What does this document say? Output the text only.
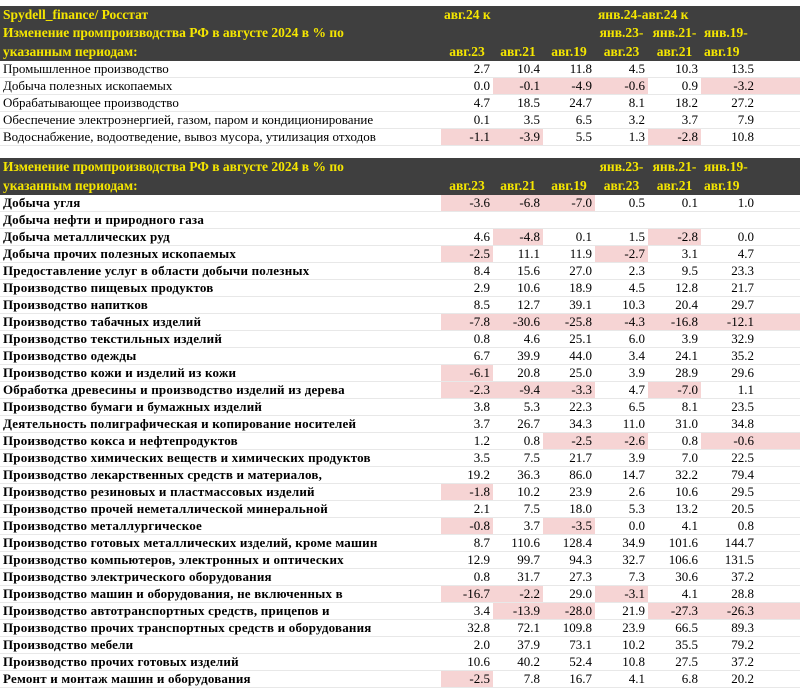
Spydell_finance/ Росстат	авг.24 к			янв.24-авг.24 к		
Изменение промпроизводства РФ в августе 2024 в % по				янв.23-	янв.21-	янв.19-
указанным периодам:	авг.23	авг.21	авг.19	авг.23	авг.21	авг.19
Промышленное производство	2.7	10.4	11.8	4.5	10.3	13.5
Добыча полезных ископаемых	0.0	-0.1	-4.9	-0.6	0.9	-3.2
Обрабатывающее производство	4.7	18.5	24.7	8.1	18.2	27.2
Обеспечение электроэнергией, газом, паром и кондиционирование	0.1	3.5	6.5	3.2	3.7	7.9
Водоснабжение, водоотведение, вывоз мусора, утилизация отходов	-1.1	-3.9	5.5	1.3	-2.8	10.8
Изменение промпроизводства РФ в августе 2024 в % по				янв.23-	янв.21-	янв.19-
указанным периодам:	авг.23	авг.21	авг.19	авг.23	авг.21	авг.19
Добыча угля	-3.6	-6.8	-7.0	0.5	0.1	1.0
Добыча нефти и природного газа						
Добыча металлических руд	4.6	-4.8	0.1	1.5	-2.8	0.0
Добыча прочих полезных ископаемых	-2.5	11.1	11.9	-2.7	3.1	4.7
Предоставление услуг в области добычи полезных	8.4	15.6	27.0	2.3	9.5	23.3
Производство пищевых продуктов	2.9	10.6	18.9	4.5	12.8	21.7
Производство напитков	8.5	12.7	39.1	10.3	20.4	29.7
Производство табачных изделий	-7.8	-30.6	-25.8	-4.3	-16.8	-12.1
Производство текстильных изделий	0.8	4.6	25.1	6.0	3.9	32.9
Производство одежды	6.7	39.9	44.0	3.4	24.1	35.2
Производство кожи и изделий из кожи	-6.1	20.8	25.0	3.9	28.9	29.6
Обработка древесины и производство изделий из дерева	-2.3	-9.4	-3.3	4.7	-7.0	1.1
Производство бумаги и бумажных изделий	3.8	5.3	22.3	6.5	8.1	23.5
Деятельность полиграфическая и копирование носителей	3.7	26.7	34.3	11.0	31.0	34.8
Производство кокса и нефтепродуктов	1.2	0.8	-2.5	-2.6	0.8	-0.6
Производство химических веществ и химических продуктов	3.5	7.5	21.7	3.9	7.0	22.5
Производство лекарственных средств и материалов,	19.2	36.3	86.0	14.7	32.2	79.4
Производство резиновых и пластмассовых изделий	-1.8	10.2	23.9	2.6	10.6	29.5
Производство прочей неметаллической минеральной	2.1	7.5	18.0	5.3	13.2	20.5
Производство металлургическое	-0.8	3.7	-3.5	0.0	4.1	0.8
Производство готовых металлических изделий, кроме машин	8.7	110.6	128.4	34.9	101.6	144.7
Производство компьютеров, электронных и оптических	12.9	99.7	94.3	32.7	106.6	131.5
Производство электрического оборудования	0.8	31.7	27.3	7.3	30.6	37.2
Производство машин и оборудования, не включенных в	-16.7	-2.2	29.0	-3.1	4.1	28.8
Производство автотранспортных средств, прицепов и	3.4	-13.9	-28.0	21.9	-27.3	-26.3
Производство прочих транспортных средств и оборудования	32.8	72.1	109.8	23.9	66.5	89.3
Производство мебели	2.0	37.9	73.1	10.2	35.5	79.2
Производство прочих готовых изделий	10.6	40.2	52.4	10.8	27.5	37.2
Ремонт и монтаж машин и оборудования	-2.5	7.8	16.7	4.1	6.8	20.2
